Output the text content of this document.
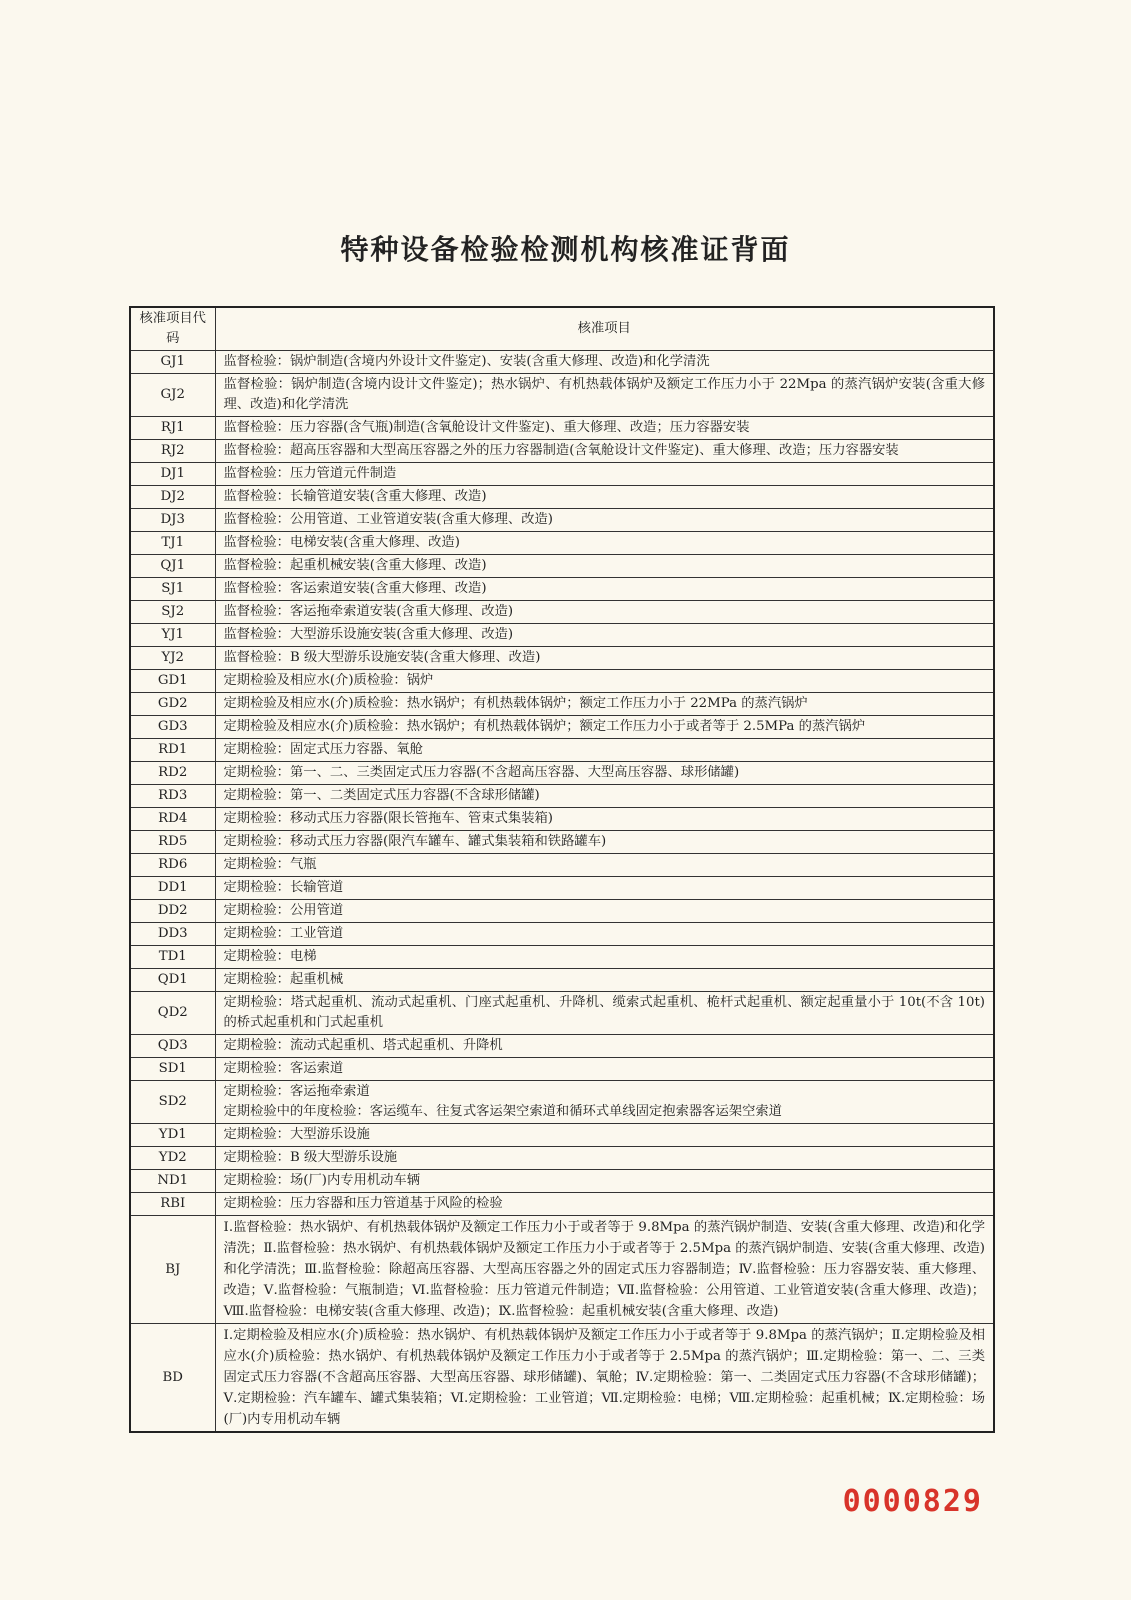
特种设备检验检测机构核准证背面
核准项目代码	核准项目
GJ1	监督检验：锅炉制造(含境内外设计文件鉴定)、安装(含重大修理、改造)和化学清洗
GJ2	监督检验：锅炉制造(含境内设计文件鉴定)；热水锅炉、有机热载体锅炉及额定工作压力小于 22Mpa 的蒸汽锅炉安装(含重大修理、改造)和化学清洗
RJ1	监督检验：压力容器(含气瓶)制造(含氧舱设计文件鉴定)、重大修理、改造；压力容器安装
RJ2	监督检验：超高压容器和大型高压容器之外的压力容器制造(含氧舱设计文件鉴定)、重大修理、改造；压力容器安装
DJ1	监督检验：压力管道元件制造
DJ2	监督检验：长输管道安装(含重大修理、改造)
DJ3	监督检验：公用管道、工业管道安装(含重大修理、改造)
TJ1	监督检验：电梯安装(含重大修理、改造)
QJ1	监督检验：起重机械安装(含重大修理、改造)
SJ1	监督检验：客运索道安装(含重大修理、改造)
SJ2	监督检验：客运拖牵索道安装(含重大修理、改造)
YJ1	监督检验：大型游乐设施安装(含重大修理、改造)
YJ2	监督检验：B 级大型游乐设施安装(含重大修理、改造)
GD1	定期检验及相应水(介)质检验：锅炉
GD2	定期检验及相应水(介)质检验：热水锅炉；有机热载体锅炉；额定工作压力小于 22MPa 的蒸汽锅炉
GD3	定期检验及相应水(介)质检验：热水锅炉；有机热载体锅炉；额定工作压力小于或者等于 2.5MPa 的蒸汽锅炉
RD1	定期检验：固定式压力容器、氧舱
RD2	定期检验：第一、二、三类固定式压力容器(不含超高压容器、大型高压容器、球形储罐)
RD3	定期检验：第一、二类固定式压力容器(不含球形储罐)
RD4	定期检验：移动式压力容器(限长管拖车、管束式集装箱)
RD5	定期检验：移动式压力容器(限汽车罐车、罐式集装箱和铁路罐车)
RD6	定期检验：气瓶
DD1	定期检验：长输管道
DD2	定期检验：公用管道
DD3	定期检验：工业管道
TD1	定期检验：电梯
QD1	定期检验：起重机械
QD2	定期检验：塔式起重机、流动式起重机、门座式起重机、升降机、缆索式起重机、桅杆式起重机、额定起重量小于 10t(不含 10t)的桥式起重机和门式起重机
QD3	定期检验：流动式起重机、塔式起重机、升降机
SD1	定期检验：客运索道
SD2	定期检验：客运拖牵索道
定期检验中的年度检验：客运缆车、往复式客运架空索道和循环式单线固定抱索器客运架空索道

YD1	定期检验：大型游乐设施
YD2	定期检验：B 级大型游乐设施
ND1	定期检验：场(厂)内专用机动车辆
RBI	定期检验：压力容器和压力管道基于风险的检验
BJ	Ⅰ.监督检验：热水锅炉、有机热载体锅炉及额定工作压力小于或者等于 9.8Mpa 的蒸汽锅炉制造、安装(含重大修理、改造)和化学清洗；Ⅱ.监督检验：热水锅炉、有机热载体锅炉及额定工作压力小于或者等于 2.5Mpa 的蒸汽锅炉制造、安装(含重大修理、改造)和化学清洗；Ⅲ.监督检验：除超高压容器、大型高压容器之外的固定式压力容器制造；Ⅳ.监督检验：压力容器安装、重大修理、改造；Ⅴ.监督检验：气瓶制造；Ⅵ.监督检验：压力管道元件制造；Ⅶ.监督检验：公用管道、工业管道安装(含重大修理、改造)；Ⅷ.监督检验：电梯安装(含重大修理、改造)；Ⅸ.监督检验：起重机械安装(含重大修理、改造)
BD	Ⅰ.定期检验及相应水(介)质检验：热水锅炉、有机热载体锅炉及额定工作压力小于或者等于 9.8Mpa 的蒸汽锅炉；Ⅱ.定期检验及相应水(介)质检验：热水锅炉、有机热载体锅炉及额定工作压力小于或者等于 2.5Mpa 的蒸汽锅炉；Ⅲ.定期检验：第一、二、三类固定式压力容器(不含超高压容器、大型高压容器、球形储罐)、氧舱；Ⅳ.定期检验：第一、二类固定式压力容器(不含球形储罐)；Ⅴ.定期检验：汽车罐车、罐式集装箱；Ⅵ.定期检验：工业管道；Ⅶ.定期检验：电梯；Ⅷ.定期检验：起重机械；Ⅸ.定期检验：场(厂)内专用机动车辆
0000829
